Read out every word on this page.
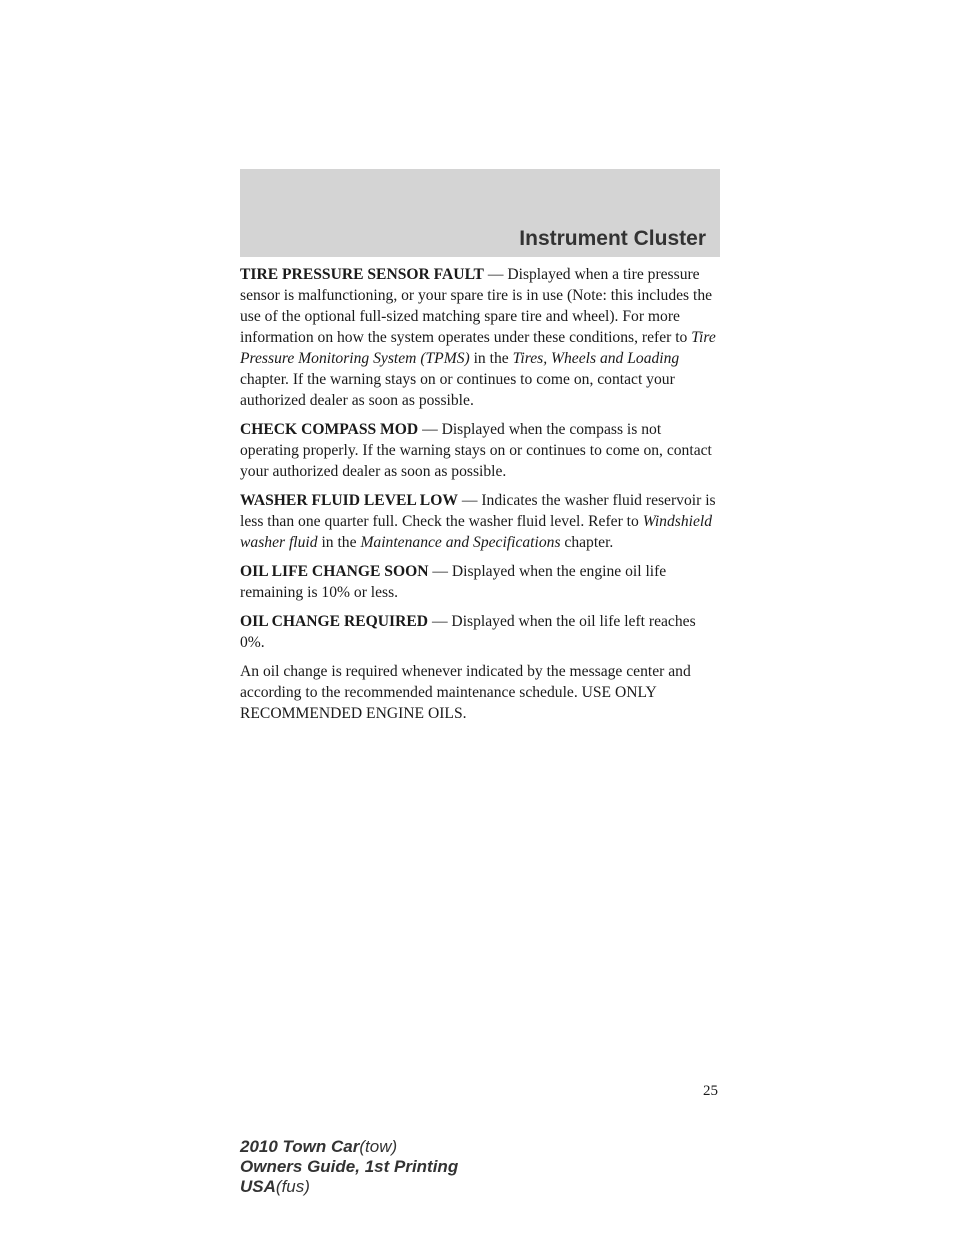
Instrument Cluster

TIRE PRESSURE SENSOR FAULT — Displayed when a tire pressure sensor is malfunctioning, or your spare tire is in use (Note: this includes the use of the optional full-sized matching spare tire and wheel). For more information on how the system operates under these conditions, refer to Tire Pressure Monitoring System (TPMS) in the Tires, Wheels and Loading chapter. If the warning stays on or continues to come on, contact your authorized dealer as soon as possible.

CHECK COMPASS MOD — Displayed when the compass is not operating properly. If the warning stays on or continues to come on, contact your authorized dealer as soon as possible.

WASHER FLUID LEVEL LOW — Indicates the washer fluid reservoir is less than one quarter full. Check the washer fluid level. Refer to Windshield washer fluid in the Maintenance and Specifications chapter.

OIL LIFE CHANGE SOON — Displayed when the engine oil life remaining is 10% or less.

OIL CHANGE REQUIRED — Displayed when the oil life left reaches 0%.

An oil change is required whenever indicated by the message center and according to the recommended maintenance schedule. USE ONLY RECOMMENDED ENGINE OILS.

25
2010 Town Car(tow)
Owners Guide, 1st Printing
USA(fus)
